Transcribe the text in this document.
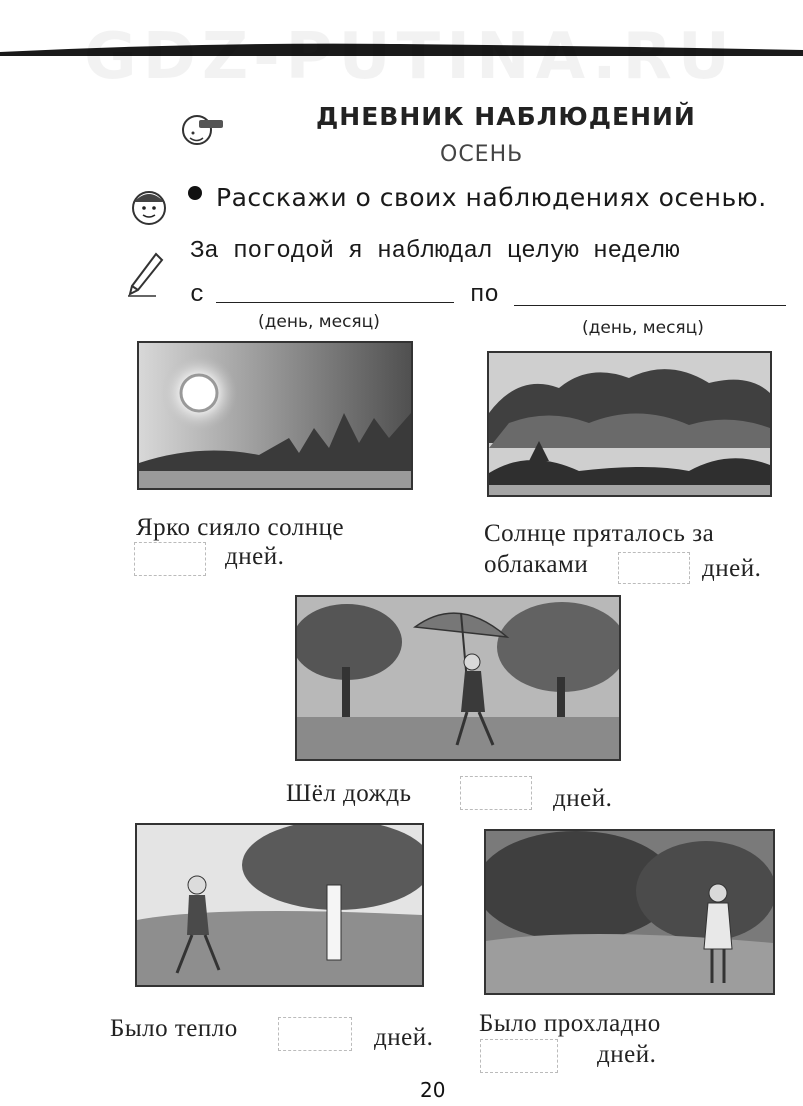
GDZ-PUTINA.RU
ДНЕВНИК НАБЛЮДЕНИЙ
ОСЕНЬ
Расскажи о своих наблюдениях осенью.
За погодой я наблюдал целую неделю
с	по
(день, месяц)	(день, месяц)
Ярко сияло солнце
дней.
Солнце пряталось за
облаками	дней.
Шёл дождь	дней.
Было тепло	дней.
Было прохладно
дней.
20
